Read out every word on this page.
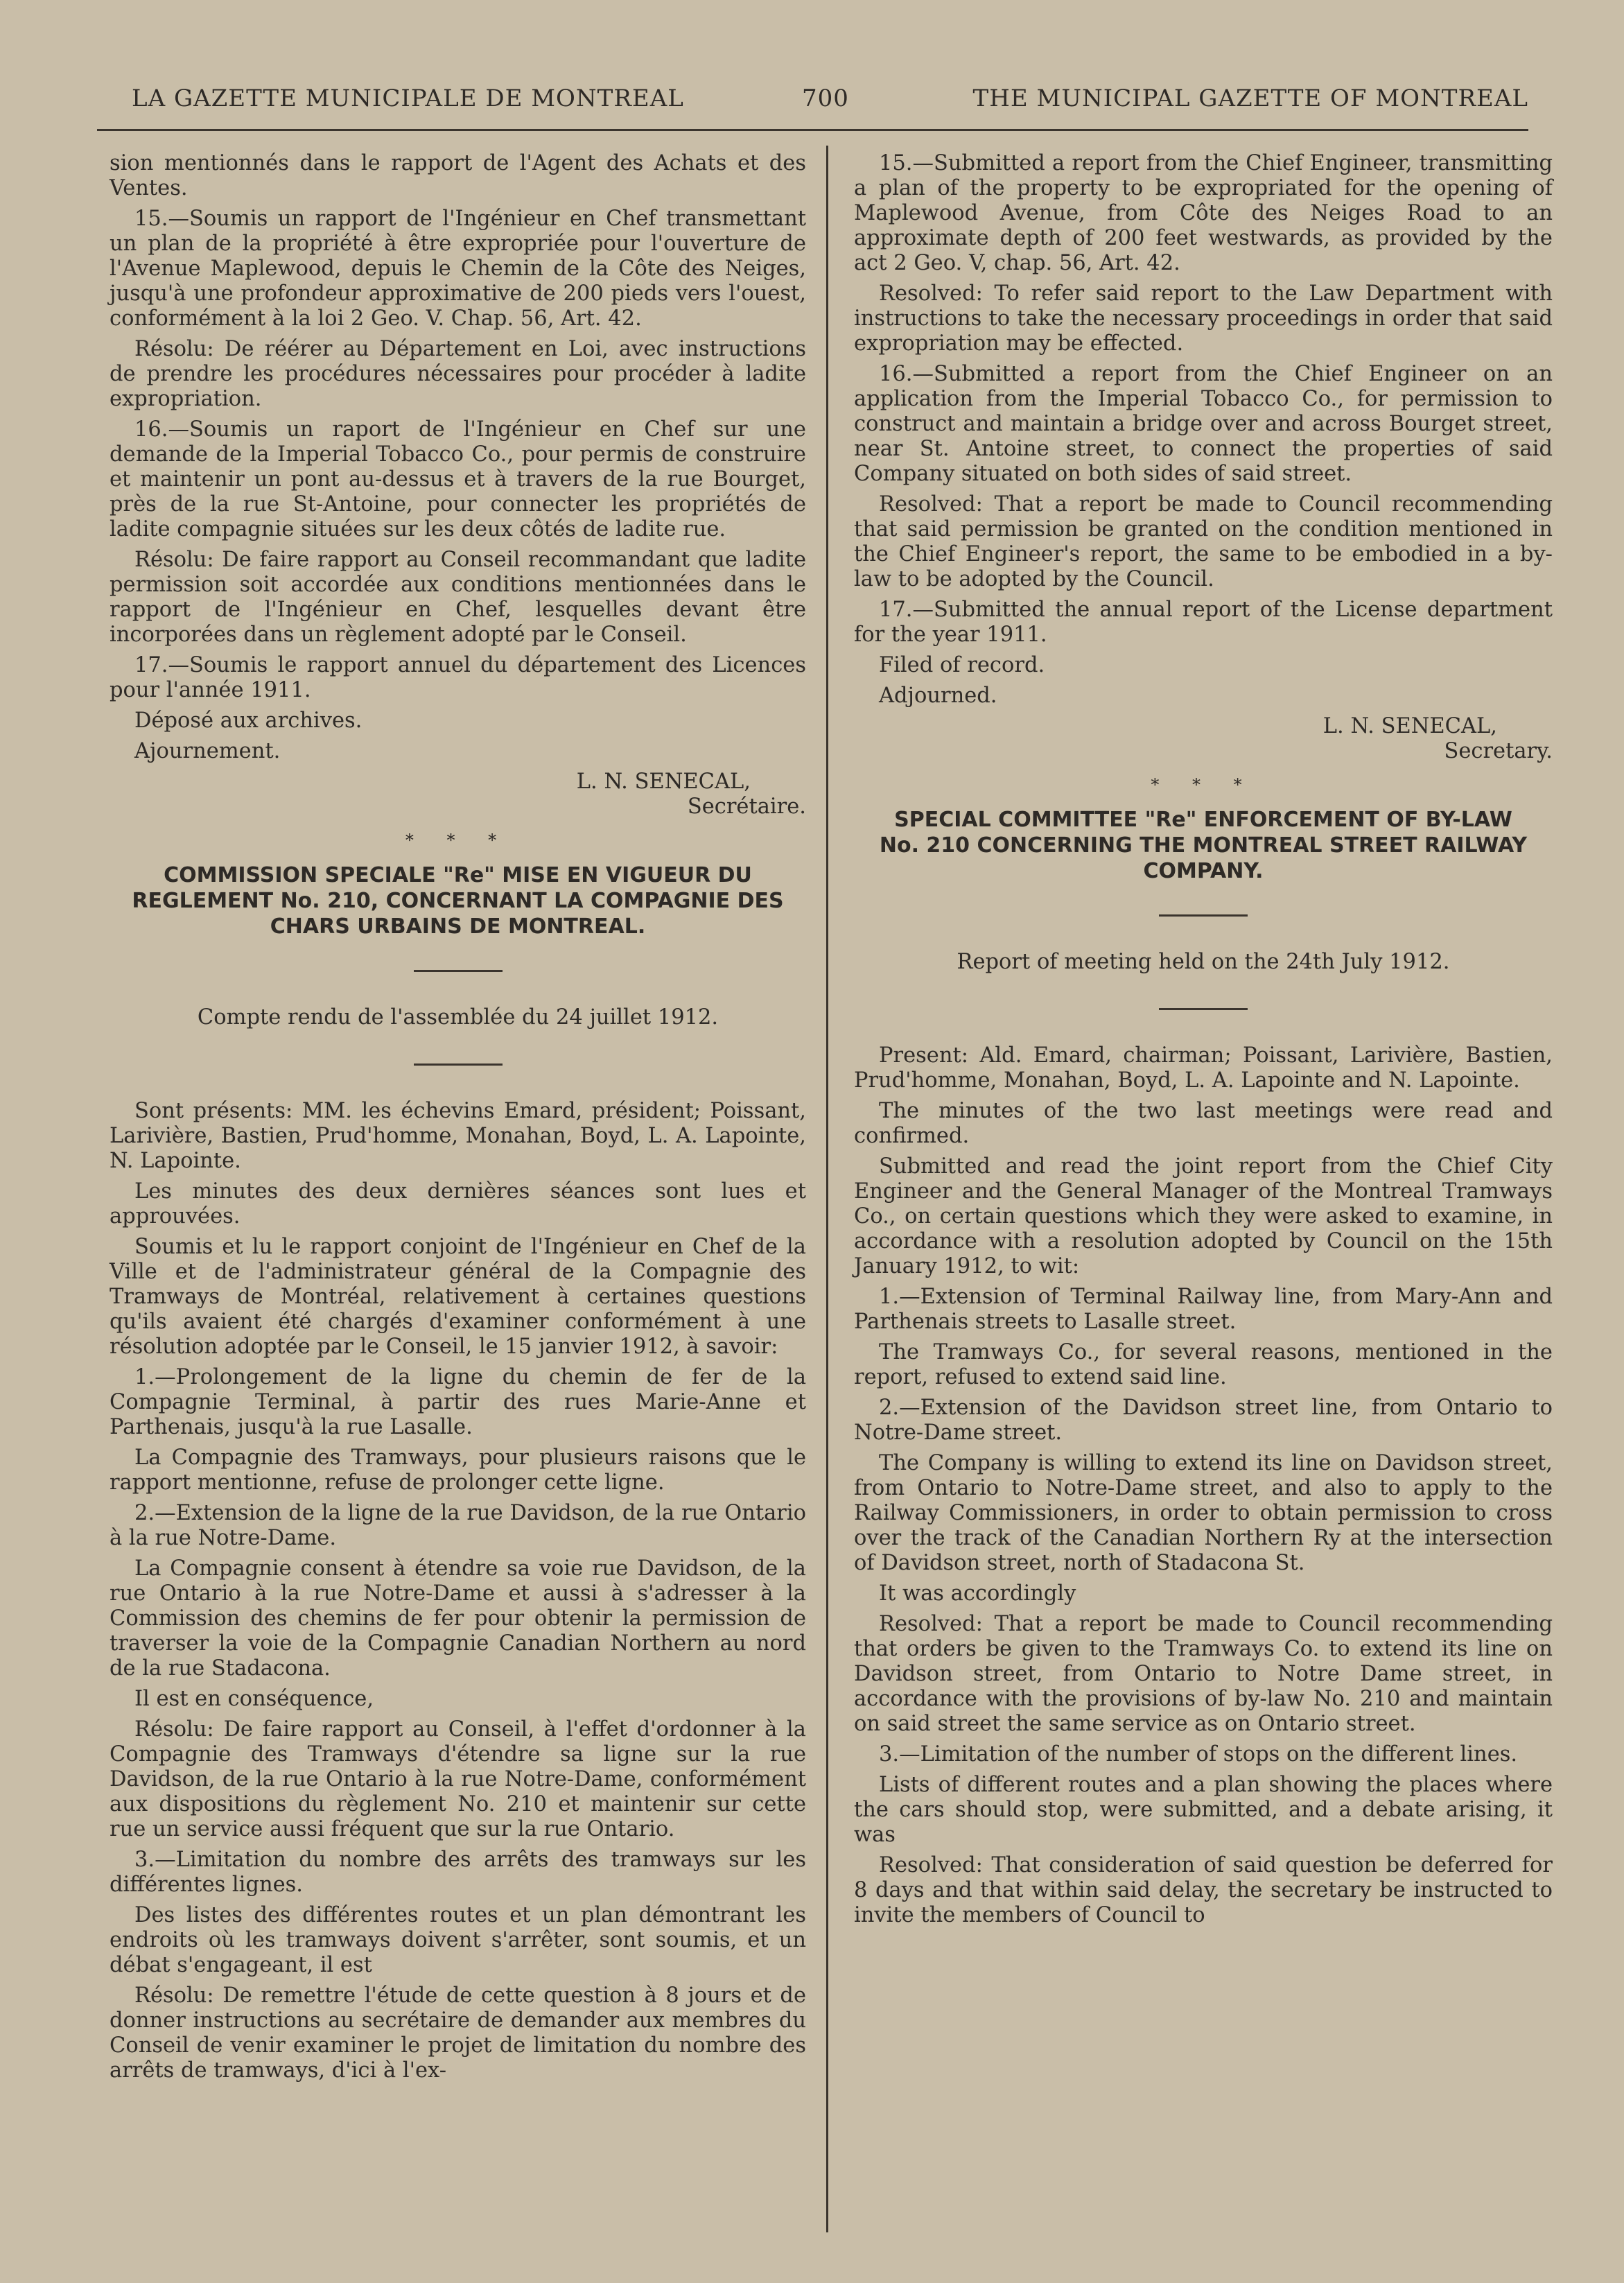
LA GAZETTE MUNICIPALE DE MONTREAL	700	THE MUNICIPAL GAZETTE OF MONTREAL

sion mentionnés dans le rapport de l'Agent des Achats et des Ventes.

15.—Soumis un rapport de l'Ingénieur en Chef transmettant un plan de la propriété à être expropriée pour l'ouverture de l'Avenue Maplewood, depuis le Chemin de la Côte des Neiges, jusqu'à une profondeur approximative de 200 pieds vers l'ouest, conformément à la loi 2 Geo. V. Chap. 56, Art. 42.

Résolu: De réérer au Département en Loi, avec instructions de prendre les procédures nécessaires pour procéder à ladite expropriation.

16.—Soumis un raport de l'Ingénieur en Chef sur une demande de la Imperial Tobacco Co., pour permis de construire et maintenir un pont au-dessus et à travers de la rue Bourget, près de la rue St-Antoine, pour connecter les propriétés de ladite compagnie situées sur les deux côtés de ladite rue.

Résolu: De faire rapport au Conseil recommandant que ladite permission soit accordée aux conditions mentionnées dans le rapport de l'Ingénieur en Chef, lesquelles devant être incorporées dans un règlement adopté par le Conseil.

17.—Soumis le rapport annuel du département des Licences pour l'année 1911.

Déposé aux archives.

Ajournement.

L. N. SENECAL,
Secrétaire.

* * *
COMMISSION SPECIALE "Re" MISE EN VIGUEUR DU REGLEMENT No. 210, CONCERNANT LA COMPAGNIE DES CHARS URBAINS DE MONTREAL.

Compte rendu de l'assemblée du 24 juillet 1912.

Sont présents: MM. les échevins Emard, président; Poissant, Larivière, Bastien, Prud'homme, Monahan, Boyd, L. A. Lapointe, N. Lapointe.

Les minutes des deux dernières séances sont lues et approuvées.

Soumis et lu le rapport conjoint de l'Ingénieur en Chef de la Ville et de l'administrateur général de la Compagnie des Tramways de Montréal, relativement à certaines questions qu'ils avaient été chargés d'examiner conformément à une résolution adoptée par le Conseil, le 15 janvier 1912, à savoir:

1.—Prolongement de la ligne du chemin de fer de la Compagnie Terminal, à partir des rues Marie-Anne et Parthenais, jusqu'à la rue Lasalle.

La Compagnie des Tramways, pour plusieurs raisons que le rapport mentionne, refuse de prolonger cette ligne.

2.—Extension de la ligne de la rue Davidson, de la rue Ontario à la rue Notre-Dame.

La Compagnie consent à étendre sa voie rue Davidson, de la rue Ontario à la rue Notre-Dame et aussi à s'adresser à la Commission des chemins de fer pour obtenir la permission de traverser la voie de la Compagnie Canadian Northern au nord de la rue Stadacona.

Il est en conséquence,

Résolu: De faire rapport au Conseil, à l'effet d'ordonner à la Compagnie des Tramways d'étendre sa ligne sur la rue Davidson, de la rue Ontario à la rue Notre-Dame, conformément aux dispositions du règlement No. 210 et maintenir sur cette rue un service aussi fréquent que sur la rue Ontario.

3.—Limitation du nombre des arrêts des tramways sur les différentes lignes.

Des listes des différentes routes et un plan démontrant les endroits où les tramways doivent s'arrêter, sont soumis, et un débat s'engageant, il est

Résolu: De remettre l'étude de cette question à 8 jours et de donner instructions au secrétaire de demander aux membres du Conseil de venir examiner le projet de limitation du nombre des arrêts de tramways, d'ici à l'ex-

15.—Submitted a report from the Chief Engineer, transmitting a plan of the property to be expropriated for the opening of Maplewood Avenue, from Côte des Neiges Road to an approximate depth of 200 feet westwards, as provided by the act 2 Geo. V, chap. 56, Art. 42.

Resolved: To refer said report to the Law Department with instructions to take the necessary proceedings in order that said expropriation may be effected.

16.—Submitted a report from the Chief Engineer on an application from the Imperial Tobacco Co., for permission to construct and maintain a bridge over and across Bourget street, near St. Antoine street, to connect the properties of said Company situated on both sides of said street.

Resolved: That a report be made to Council recommending that said permission be granted on the condition mentioned in the Chief Engineer's report, the same to be embodied in a by-law to be adopted by the Council.

17.—Submitted the annual report of the License department for the year 1911.

Filed of record.

Adjourned.

L. N. SENECAL,
Secretary.

* * *
SPECIAL COMMITTEE "Re" ENFORCEMENT OF BY-LAW No. 210 CONCERNING THE MONTREAL STREET RAILWAY COMPANY.

Report of meeting held on the 24th July 1912.

Present: Ald. Emard, chairman; Poissant, Larivière, Bastien, Prud'homme, Monahan, Boyd, L. A. Lapointe and N. Lapointe.

The minutes of the two last meetings were read and confirmed.

Submitted and read the joint report from the Chief City Engineer and the General Manager of the Montreal Tramways Co., on certain questions which they were asked to examine, in accordance with a resolution adopted by Council on the 15th January 1912, to wit:

1.—Extension of Terminal Railway line, from Mary-Ann and Parthenais streets to Lasalle street.

The Tramways Co., for several reasons, mentioned in the report, refused to extend said line.

2.—Extension of the Davidson street line, from Ontario to Notre-Dame street.

The Company is willing to extend its line on Davidson street, from Ontario to Notre-Dame street, and also to apply to the Railway Commissioners, in order to obtain permission to cross over the track of the Canadian Northern Ry at the intersection of Davidson street, north of Stadacona St.

It was accordingly

Resolved: That a report be made to Council recommending that orders be given to the Tramways Co. to extend its line on Davidson street, from Ontario to Notre Dame street, in accordance with the provisions of by-law No. 210 and maintain on said street the same service as on Ontario street.

3.—Limitation of the number of stops on the different lines.

Lists of different routes and a plan showing the places where the cars should stop, were submitted, and a debate arising, it was

Resolved: That consideration of said question be deferred for 8 days and that within said delay, the secretary be instructed to invite the members of Council to
